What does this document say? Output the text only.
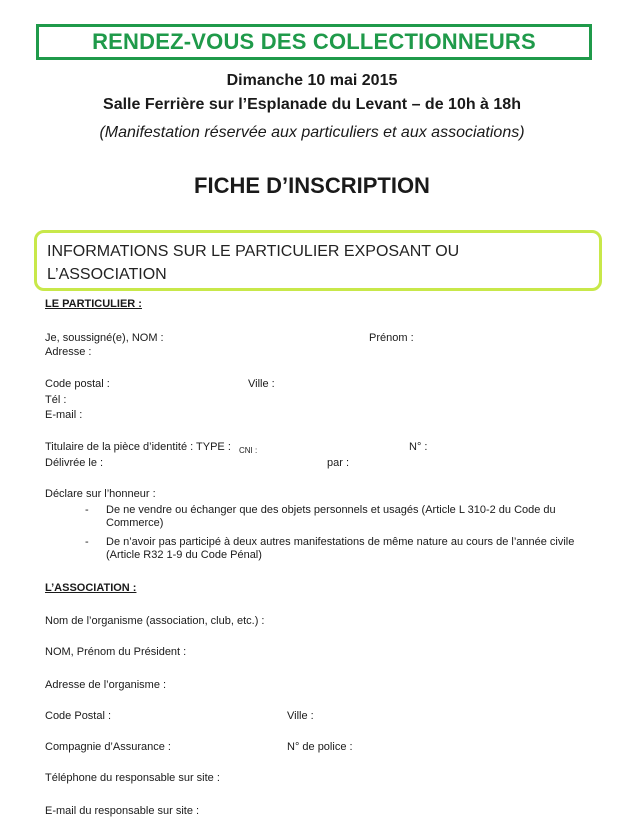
RENDEZ-VOUS DES COLLECTIONNEURS
Dimanche 10 mai 2015
Salle Ferrière sur l’Esplanade du Levant – de 10h à 18h
(Manifestation réservée aux particuliers et aux associations)
FICHE D’INSCRIPTION
INFORMATIONS SUR LE PARTICULIER EXPOSANT OU
L’ASSOCIATION
LE PARTICULIER :
Je, soussigné(e), NOM :	Prénom :
Adresse :
Code postal :	Ville :
Tél :
E-mail :
Titulaire de la pièce d’identité : TYPE : CNI :	N° :
Délivrée le :	par :
Déclare sur l’honneur :
- De ne vendre ou échanger que des objets personnels et usagés (Article L 310-2 du Code du
Commerce)
- De n’avoir pas participé à deux autres manifestations de même nature au cours de l’année civile
(Article R32 1-9 du Code Pénal)
L’ASSOCIATION :
Nom de l’organisme (association, club, etc.) :
NOM, Prénom du Président :
Adresse de l’organisme :
Code Postal :	Ville :
Compagnie d’Assurance :	N° de police :
Téléphone du responsable sur site :
E-mail du responsable sur site :
